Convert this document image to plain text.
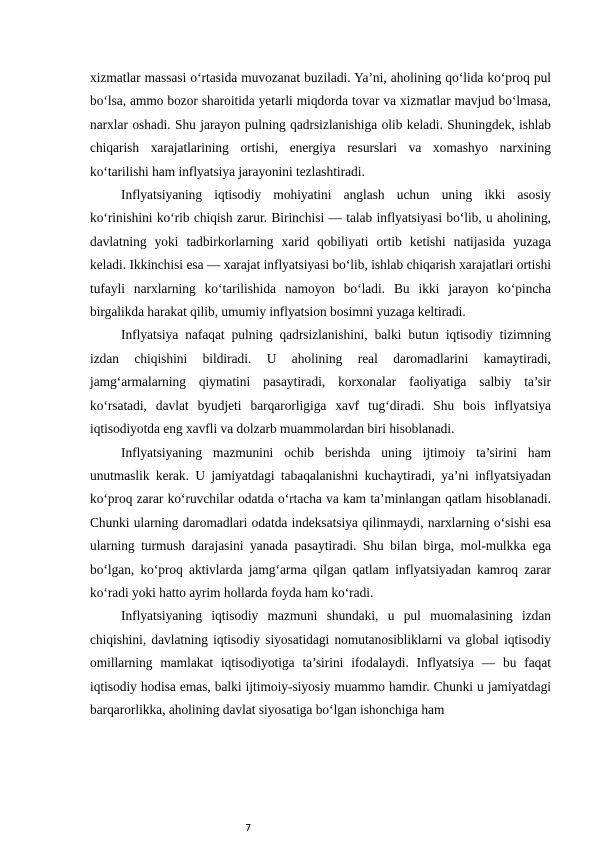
xizmatlar massasi o‘rtasida muvozanat buziladi. Ya’ni, aholining qo‘lida ko‘proq pul bo‘lsa, ammo bozor sharoitida yetarli miqdorda tovar va xizmatlar mavjud bo‘lmasa, narxlar oshadi. Shu jarayon pulning qadrsizlanishiga olib keladi. Shuningdek, ishlab chiqarish xarajatlarining ortishi, energiya resurslari va xomashyo narxining ko‘tarilishi ham inflyatsiya jarayonini tezlashtiradi.

Inflyatsiyaning iqtisodiy mohiyatini anglash uchun uning ikki asosiy ko‘rinishini ko‘rib chiqish zarur. Birinchisi — talab inflyatsiyasi bo‘lib, u aholining, davlatning yoki tadbirkorlarning xarid qobiliyati ortib ketishi natijasida yuzaga keladi. Ikkinchisi esa — xarajat inflyatsiyasi bo‘lib, ishlab chiqarish xarajatlari ortishi tufayli narxlarning ko‘tarilishida namoyon bo‘ladi. Bu ikki jarayon ko‘pincha birgalikda harakat qilib, umumiy inflyatsion bosimni yuzaga keltiradi.

Inflyatsiya nafaqat pulning qadrsizlanishini, balki butun iqtisodiy tizimning izdan chiqishini bildiradi. U aholining real daromadlarini kamaytiradi, jamg‘armalarning qiymatini pasaytiradi, korxonalar faoliyatiga salbiy ta’sir ko‘rsatadi, davlat byudjeti barqarorligiga xavf tug‘diradi. Shu bois inflyatsiya iqtisodiyotda eng xavfli va dolzarb muammolardan biri hisoblanadi.

Inflyatsiyaning mazmunini ochib berishda uning ijtimoiy ta’sirini ham unutmaslik kerak. U jamiyatdagi tabaqalanishni kuchaytiradi, ya’ni inflyatsiyadan ko‘proq zarar ko‘ruvchilar odatda o‘rtacha va kam ta’minlangan qatlam hisoblanadi. Chunki ularning daromadlari odatda indeksatsiya qilinmaydi, narxlarning o‘sishi esa ularning turmush darajasini yanada pasaytiradi. Shu bilan birga, mol-mulkka ega bo‘lgan, ko‘proq aktivlarda jamg‘arma qilgan qatlam inflyatsiyadan kamroq zarar ko‘radi yoki hatto ayrim hollarda foyda ham ko‘radi.

Inflyatsiyaning iqtisodiy mazmuni shundaki, u pul muomalasining izdan chiqishini, davlatning iqtisodiy siyosatidagi nomutanosibliklarni va global iqtisodiy omillarning mamlakat iqtisodiyotiga ta’sirini ifodalaydi. Inflyatsiya — bu faqat iqtisodiy hodisa emas, balki ijtimoiy-siyosiy muammo hamdir. Chunki u jamiyatdagi barqarorlikka, aholining davlat siyosatiga bo‘lgan ishonchiga ham

7
